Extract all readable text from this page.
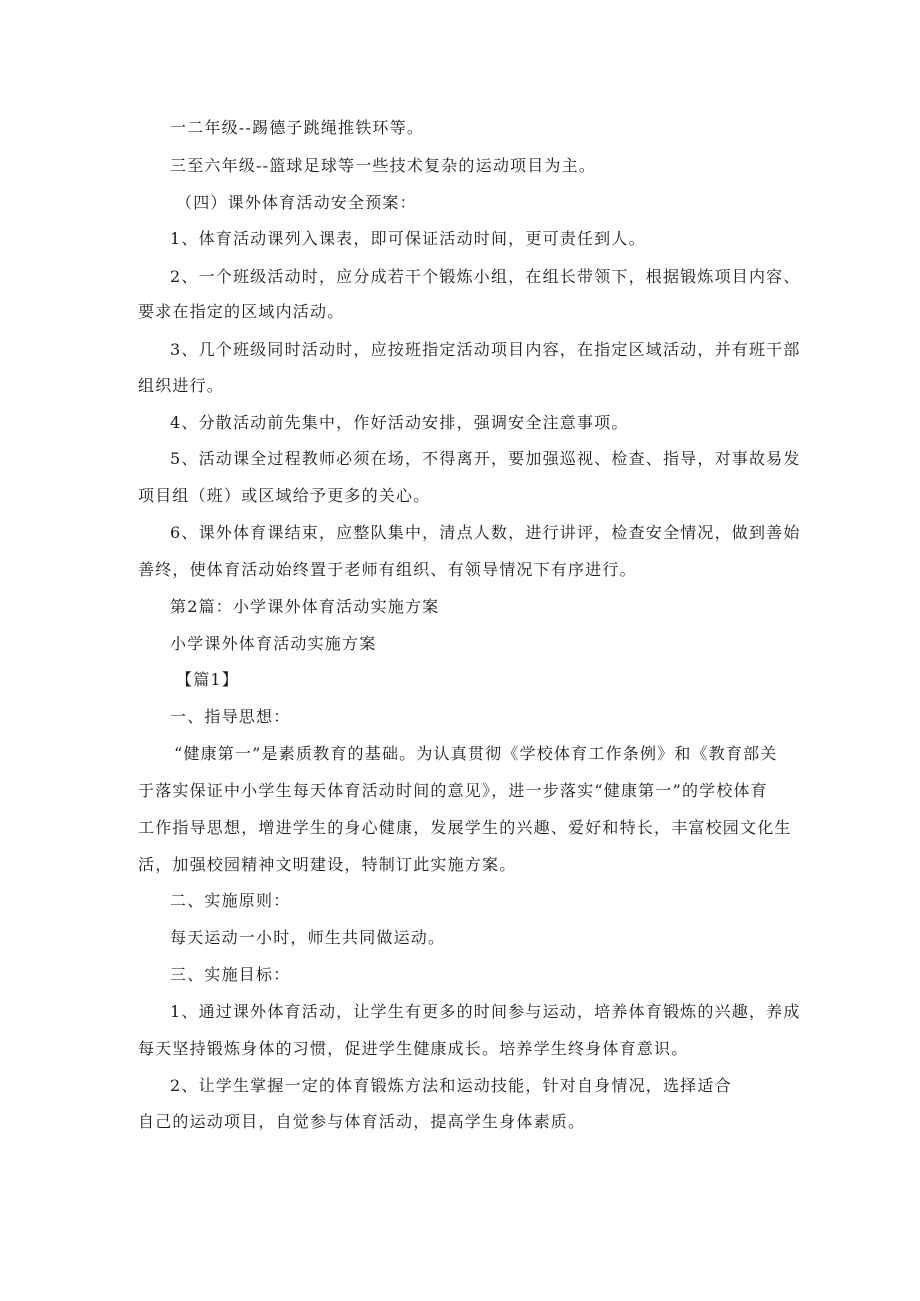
一二年级--踢德子跳绳推铁环等。
三至六年级--篮球足球等一些技术复杂的运动项目为主。
（四）课外体育活动安全预案：
1、体育活动课列入课表，即可保证活动时间，更可责任到人。
2、一个班级活动时，应分成若干个锻炼小组，在组长带领下，根据锻炼项目内容、
要求在指定的区域内活动。
3、几个班级同时活动时，应按班指定活动项目内容，在指定区域活动，并有班干部
组织进行。
4、分散活动前先集中，作好活动安排，强调安全注意事项。
5、活动课全过程教师必须在场，不得离开，要加强巡视、检查、指导，对事故易发
项目组（班）或区域给予更多的关心。
6、课外体育课结束，应整队集中，清点人数，进行讲评，检查安全情况，做到善始
善终，使体育活动始终置于老师有组织、有领导情况下有序进行。
第2篇：小学课外体育活动实施方案
小学课外体育活动实施方案
【篇1】
一、指导思想：
“健康第一”是素质教育的基础。为认真贯彻《学校体育工作条例》和《教育部关
于落实保证中小学生每天体育活动时间的意见》，进一步落实“健康第一”的学校体育
工作指导思想，增进学生的身心健康，发展学生的兴趣、爱好和特长，丰富校园文化生
活，加强校园精神文明建设，特制订此实施方案。
二、实施原则：
每天运动一小时，师生共同做运动。
三、实施目标：
1、通过课外体育活动，让学生有更多的时间参与运动，培养体育锻炼的兴趣，养成
每天坚持锻炼身体的习惯，促进学生健康成长。培养学生终身体育意识。
2、让学生掌握一定的体育锻炼方法和运动技能，针对自身情况，选择适合
自己的运动项目，自觉参与体育活动，提高学生身体素质。
